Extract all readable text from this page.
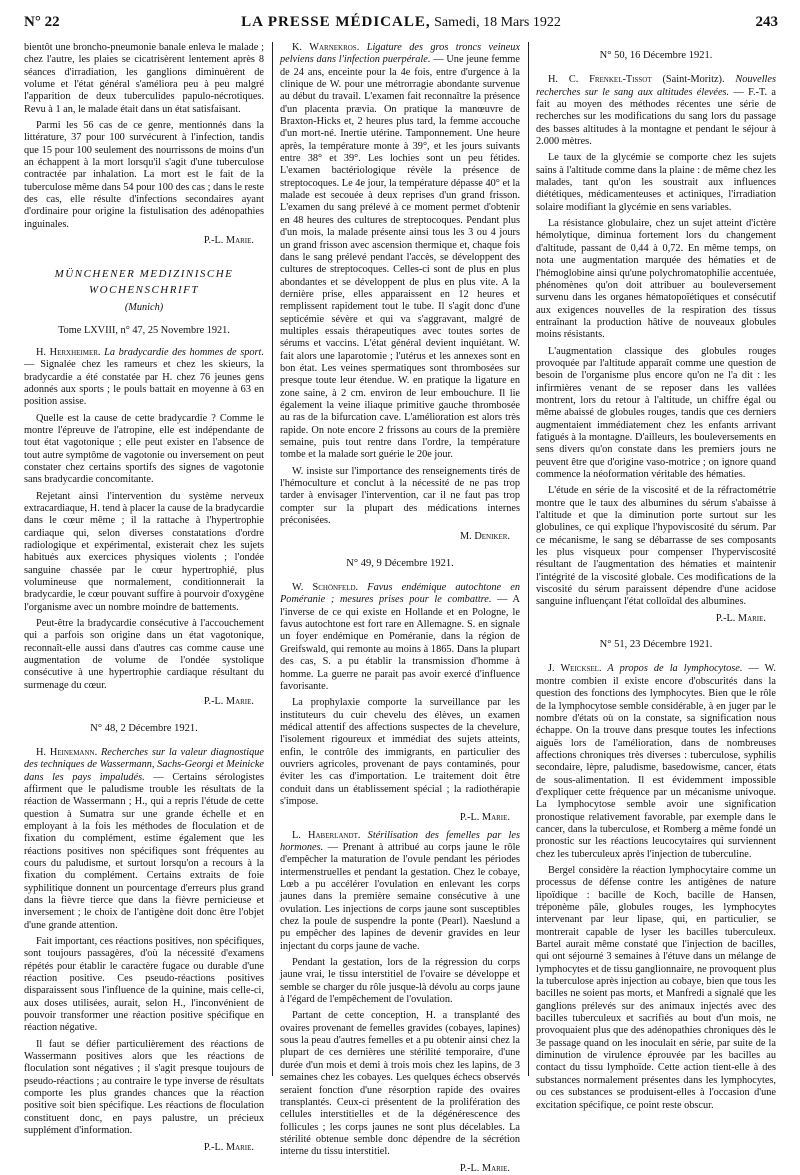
N° 22	LA PRESSE MÉDICALE, Samedi, 18 Mars 1922	243

bientôt une broncho-pneumonie banale enleva le malade ; chez l'autre, les plaies se cicatrisèrent lentement après 8 séances d'irradiation, les ganglions diminuèrent de volume et l'état général s'améliora peu à peu malgré l'apparition de deux tuberculides papulo-nécrotiques. Revu à 1 an, le malade était dans un état satisfaisant.

Parmi les 56 cas de ce genre, mentionnés dans la littérature, 37 pour 100 survécurent à l'infection, tandis que 15 pour 100 seulement des nourrissons de moins d'un an échappent à la mort lorsqu'il s'agit d'une tuberculose contractée par inhalation. La mort est le fait de la tuberculose même dans 54 pour 100 des cas ; dans le reste des cas, elle résulte d'infections secondaires ayant d'ordinaire pour origine la fistulisation des adénopathies inguinales.

P.-L. Marie.
MÜNCHENER MEDIZINISCHE
WOCHENSCHRIFT
(Munich)
Tome LXVIII, n° 47, 25 Novembre 1921.

H. Herxheimer. La bradycardie des hommes de sport. — Signalée chez les rameurs et chez les skieurs, la bradycardie a été constatée par H. chez 76 jeunes gens adonnés aux sports ; le pouls battait en moyenne à 63 en position assise.

Quelle est la cause de cette bradycardie ? Comme le montre l'épreuve de l'atropine, elle est indépendante de tout état vagotonique ; elle peut exister en l'absence de tout autre symptôme de vagotonie ou inversement on peut constater chez certains sportifs des signes de vagotonie sans bradycardie concomitante.

Rejetant ainsi l'intervention du système nerveux extracardiaque, H. tend à placer la cause de la bradycardie dans le cœur même ; il la rattache à l'hypertrophie cardiaque qui, selon diverses constatations d'ordre radiologique et expérimental, existerait chez les sujets habitués aux exercices physiques violents ; l'ondée sanguine chassée par le cœur hypertrophié, plus volumineuse que normalement, conditionnerait la bradycardie, le cœur pouvant suffire à pourvoir d'oxygène l'organisme avec un nombre moindre de battements.

Peut-être la bradycardie consécutive à l'accouchement qui a parfois son origine dans un état vagotonique, reconnaît-elle aussi dans d'autres cas comme cause une augmentation de volume de l'ondée systolique consécutive à une hypertrophie cardiaque résultant du surmenage du cœur.

P.-L. Marie.
N° 48, 2 Décembre 1921.

H. Heinemann. Recherches sur la valeur diagnostique des techniques de Wassermann, Sachs-Georgi et Meinicke dans les pays impaludés. — Certains sérologistes affirment que le paludisme trouble les résultats de la réaction de Wassermann ; H., qui a repris l'étude de cette question à Sumatra sur une grande échelle et en employant à la fois les méthodes de floculation et de fixation du complément, estime également que les réactions positives non spécifiques sont fréquentes au cours du paludisme, et surtout lorsqu'on a recours à la fixation du complément. Certains extraits de foie syphilitique donnent un pourcentage d'erreurs plus grand dans la fièvre tierce que dans la fièvre pernicieuse et inversement ; le choix de l'antigène doit donc être l'objet d'une grande attention.

Fait important, ces réactions positives, non spécifiques, sont toujours passagères, d'où la nécessité d'examens répétés pour établir le caractère fugace ou durable d'une réaction positive. Ces pseudo-réactions positives disparaissent sous l'influence de la quinine, mais celle-ci, aux doses utilisées, aurait, selon H., l'inconvénient de pouvoir transformer une réaction positive spécifique en réaction négative.

Il faut se défier particulièrement des réactions de Wassermann positives alors que les réactions de floculation sont négatives ; il s'agit presque toujours de pseudo-réactions ; au contraire le type inverse de résultats comporte les plus grandes chances que la réaction positive soit bien spécifique. Les réactions de floculation constituent donc, en pays palustre, un précieux supplément d'information.

P.-L. Marie.

K. Warnekros. Ligature des gros troncs veineux pelviens dans l'infection puerpérale. — Une jeune femme de 24 ans, enceinte pour la 4e fois, entre d'urgence à la clinique de W. pour une métrorragie abondante survenue au début du travail. L'examen fait reconnaître la présence d'un placenta prævia. On pratique la manœuvre de Braxton-Hicks et, 2 heures plus tard, la femme accouche d'un mort-né. Inertie utérine. Tamponnement. Une heure après, la température monte à 39°, et les jours suivants entre 38° et 39°. Les lochies sont un peu fétides. L'examen bactériologique révèle la présence de streptocoques. Le 4e jour, la température dépasse 40° et la malade est secouée à deux reprises d'un grand frisson. L'examen du sang prélevé à ce moment permet d'obtenir en 48 heures des cultures de streptocoques. Pendant plus d'un mois, la malade présente ainsi tous les 3 ou 4 jours un grand frisson avec ascension thermique et, chaque fois dans le sang prélevé pendant l'accès, se développent des cultures de streptocoques. Celles-ci sont de plus en plus abondantes et se développent de plus en plus vite. A la dernière prise, elles apparaissent en 12 heures et remplissent rapidement tout le tube. Il s'agit donc d'une septicémie sévère et qui va s'aggravant, malgré de multiples essais thérapeutiques avec toutes sortes de sérums et vaccins. L'état général devient inquiétant. W. fait alors une laparotomie ; l'utérus et les annexes sont en bon état. Les veines spermatiques sont thrombosées sur presque toute leur étendue. W. en pratique la ligature en zone saine, à 2 cm. environ de leur embouchure. Il lie également la veine iliaque primitive gauche thrombosée au ras de la bifurcation cave. L'amélioration est alors très rapide. On note encore 2 frissons au cours de la première semaine, puis tout rentre dans l'ordre, la température tombe et la malade sort guérie le 20e jour.

W. insiste sur l'importance des renseignements tirés de l'hémoculture et conclut à la nécessité de ne pas trop tarder à envisager l'intervention, car il ne faut pas trop compter sur la plupart des médications internes préconisées.

M. Deniker.
N° 49, 9 Décembre 1921.

W. Schönfeld. Favus endémique autochtone en Poméranie ; mesures prises pour le combattre. — A l'inverse de ce qui existe en Hollande et en Pologne, le favus autochtone est fort rare en Allemagne. S. en signale un foyer endémique en Poméranie, dans la région de Greifswald, qui remonte au moins à 1865. Dans la plupart des cas, S. a pu établir la transmission d'homme à homme. La guerre ne parait pas avoir exercé d'influence favorisante.

La prophylaxie comporte la surveillance par les instituteurs du cuir chevelu des élèves, un examen médical attentif des affections suspectes de la chevelure, l'isolement rigoureux et immédiat des sujets atteints, enfin, le contrôle des immigrants, en particulier des ouvriers agricoles, provenant de pays contaminés, pour éviter les cas d'importation. Le traitement doit être conduit dans un établissement spécial ; la radiothérapie s'impose.

P.-L. Marie.

L. Haberlandt. Stérilisation des femelles par les hormones. — Prenant à attribué au corps jaune le rôle d'empêcher la maturation de l'ovule pendant les périodes intermenstruelles et pendant la gestation. Chez le cobaye, Lœb a pu accélérer l'ovulation en enlevant les corps jaunes dans la première semaine consécutive à une ovulation. Les injections de corps jaune sont susceptibles chez la poule de suspendre la ponte (Pearl). Naeslund a pu empêcher des lapines de devenir gravides en leur injectant du corps jaune de vache.

Pendant la gestation, lors de la régression du corps jaune vrai, le tissu interstitiel de l'ovaire se développe et semble se charger du rôle jusque-là dévolu au corps jaune à l'égard de l'empêchement de l'ovulation.

Partant de cette conception, H. a transplanté des ovaires provenant de femelles gravides (cobayes, lapines) sous la peau d'autres femelles et a pu obtenir ainsi chez la plupart de ces dernières une stérilité temporaire, d'une durée d'un mois et demi à trois mois chez les lapins, de 3 semaines chez les cobayes. Les quelques échecs observés seraient fonction d'une résorption rapide des ovaires transplantés. Ceux-ci présentent de la prolifération des cellules interstitielles et de la dégénérescence des follicules ; les corps jaunes ne sont plus décelables. La stérilité obtenue semble donc dépendre de la sécrétion interne du tissu interstitiel.

P.-L. Marie.
N° 50, 16 Décembre 1921.

H. C. Frenkel-Tissot (Saint-Moritz). Nouvelles recherches sur le sang aux altitudes élevées. — F.-T. a fait au moyen des méthodes récentes une série de recherches sur les modifications du sang lors du passage des basses altitudes à la montagne et pendant le séjour à 2.000 mètres.

Le taux de la glycémie se comporte chez les sujets sains à l'altitude comme dans la plaine : de même chez les malades, tant qu'on les soustrait aux influences diététiques, médicamenteuses et actiniques, l'irradiation solaire modifiant la glycémie en sens variables.

La résistance globulaire, chez un sujet atteint d'ictère hémolytique, diminua fortement lors du changement d'altitude, passant de 0,44 à 0,72. En même temps, on nota une augmentation marquée des hématies et de l'hémoglobine ainsi qu'une polychromatophilie accentuée, phénomènes qu'on doit attribuer au bouleversement survenu dans les organes hématopoïétiques et consécutif aux exigences nouvelles de la respiration des tissus entraînant la production hâtive de nouveaux globules moins résistants.

L'augmentation classique des globules rouges provoquée par l'altitude apparaît comme une question de besoin de l'organisme plus encore qu'on ne l'a dit : les infirmières venant de se reposer dans les vallées montrent, lors du retour à l'altitude, un chiffre égal ou même abaissé de globules rouges, tandis que ces derniers augmentaient immédiatement chez les enfants arrivant fatigués à la montagne. D'ailleurs, les bouleversements en sens divers qu'on constate dans les premiers jours ne peuvent être que d'origine vaso-motrice ; on ignore quand commence la néoformation véritable des hématies.

L'étude en série de la viscosité et de la réfractométrie montre que le taux des albumines du sérum s'abaisse à l'altitude et que la diminution porte surtout sur les globulines, ce qui explique l'hypoviscosité du sérum. Par ce mécanisme, le sang se débarrasse de ses composants les plus visqueux pour compenser l'hyperviscosité résultant de l'augmentation des hématies et maintenir l'intégrité de la viscosité globale. Ces modifications de la viscosité du sérum paraissent dépendre d'une acidose sanguine influençant l'état colloïdal des albumines.

P.-L. Marie.
N° 51, 23 Décembre 1921.

J. Weicksel. A propos de la lymphocytose. — W. montre combien il existe encore d'obscurités dans la question des fonctions des lymphocytes. Bien que le rôle de la lymphocytose semble considérable, à en juger par le nombre d'états où on la constate, sa signification nous échappe. On la trouve dans presque toutes les infections aiguës lors de l'amélioration, dans de nombreuses affections chroniques très diverses : tuberculose, syphilis secondaire, lèpre, paludisme, basedowisme, cancer, états de sous-alimentation. Il est évidemment impossible d'expliquer cette fréquence par un mécanisme univoque. La lymphocytose semble avoir une signification pronostique relativement favorable, par exemple dans le cancer, dans la tuberculose, et Romberg a même fondé un pronostic sur les réactions leucocytaires qui surviennent chez les tuberculeux après l'injection de tuberculine.

Bergel considère la réaction lymphocytaire comme un processus de défense contre les antigènes de nature lipoïdique : bacille de Koch, bacille de Hansen, tréponème pâle, globules rouges, les lymphocytes intervenant par leur lipase, qui, en particulier, se montrerait capable de lyser les bacilles tuberculeux. Bartel aurait même constaté que l'injection de bacilles, qui ont séjourné 3 semaines à l'étuve dans un mélange de lymphocytes et de tissu ganglionnaire, ne provoquent plus la tuberculose après injection au cobaye, bien que tous les bacilles ne soient pas morts, et Manfredi a signalé que les ganglions prélevés sur des animaux injectés avec des bacilles tuberculeux et sacrifiés au bout d'un mois, ne provoquaient plus que des adénopathies chroniques dès le 3e passage quand on les inoculait en série, par suite de la diminution de virulence éprouvée par les bacilles au contact du tissu lymphoïde. Cette action tient-elle à des substances normalement présentes dans les lymphocytes, ou ces substances se produisent-elles à l'occasion d'une excitation spécifique, ce point reste obscur.
